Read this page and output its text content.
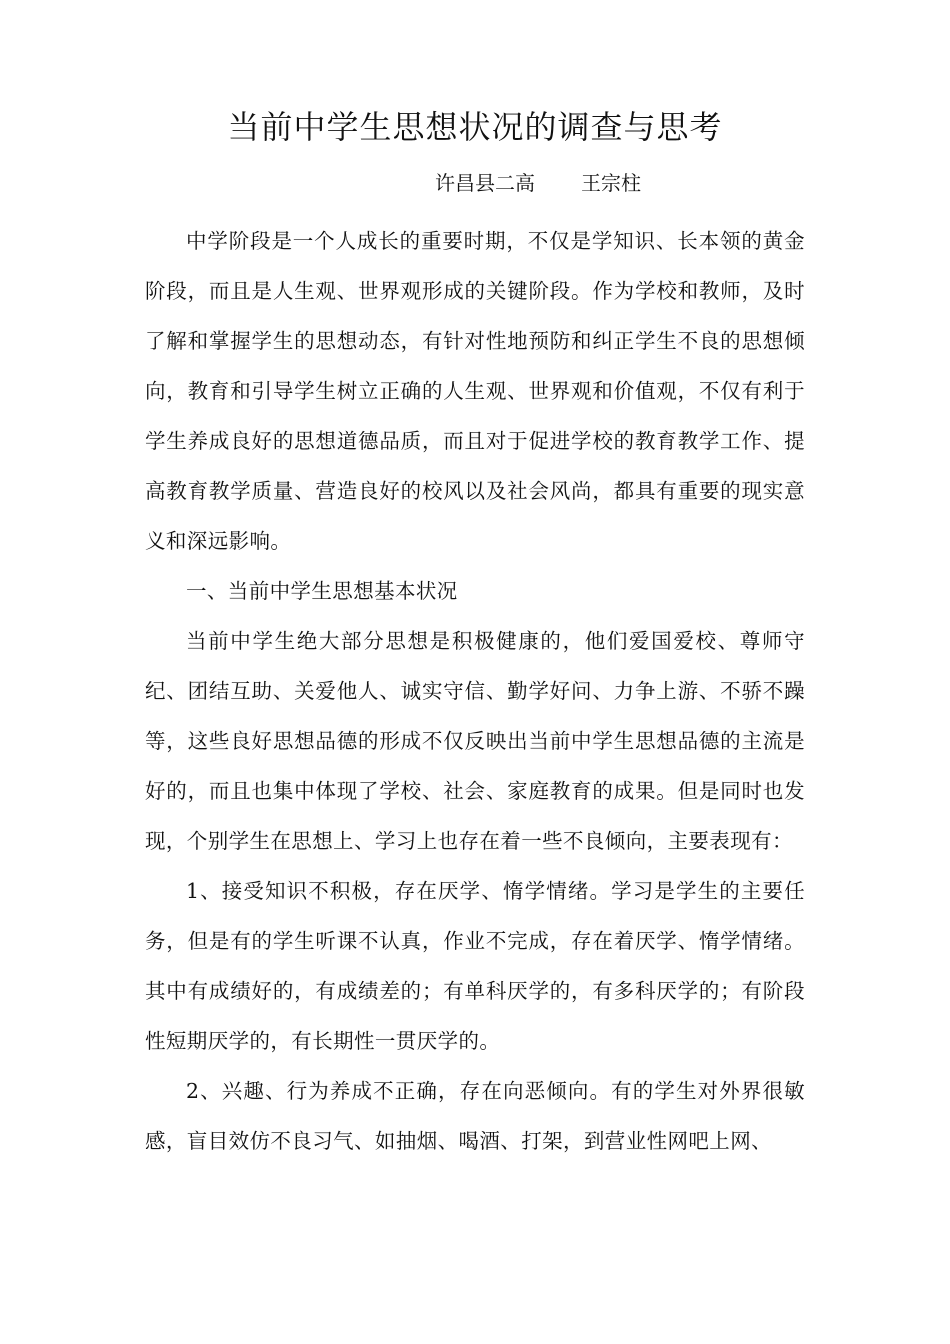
当前中学生思想状况的调查与思考
许昌县二高 王宗柱

中学阶段是一个人成长的重要时期，不仅是学知识、长本领的黄金阶段，而且是人生观、世界观形成的关键阶段。作为学校和教师，及时了解和掌握学生的思想动态，有针对性地预防和纠正学生不良的思想倾向，教育和引导学生树立正确的人生观、世界观和价值观，不仅有利于学生养成良好的思想道德品质，而且对于促进学校的教育教学工作、提高教育教学质量、营造良好的校风以及社会风尚，都具有重要的现实意义和深远影响。

一、当前中学生思想基本状况

当前中学生绝大部分思想是积极健康的，他们爱国爱校、尊师守纪、团结互助、关爱他人、诚实守信、勤学好问、力争上游、不骄不躁等，这些良好思想品德的形成不仅反映出当前中学生思想品德的主流是好的，而且也集中体现了学校、社会、家庭教育的成果。但是同时也发现，个别学生在思想上、学习上也存在着一些不良倾向，主要表现有：

1、接受知识不积极，存在厌学、惰学情绪。学习是学生的主要任务，但是有的学生听课不认真，作业不完成，存在着厌学、惰学情绪。其中有成绩好的，有成绩差的；有单科厌学的，有多科厌学的；有阶段性短期厌学的，有长期性一贯厌学的。

2、兴趣、行为养成不正确，存在向恶倾向。有的学生对外界很敏感，盲目效仿不良习气、如抽烟、喝酒、打架，到营业性网吧上网、
